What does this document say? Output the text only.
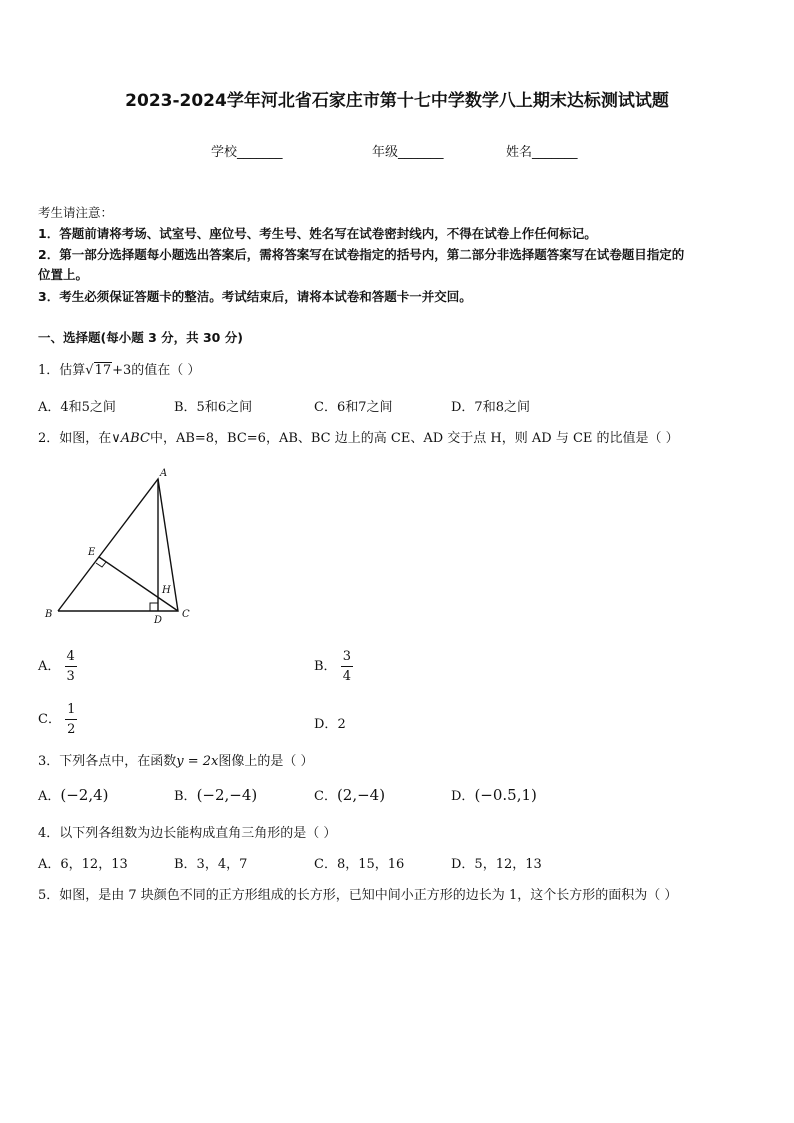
2023-2024学年河北省石家庄市第十七中学数学八上期末达标测试试题
学校_______	年级_______	姓名_______
考生请注意：
1．答题前请将考场、试室号、座位号、考生号、姓名写在试卷密封线内，不得在试卷上作任何标记。
2．第一部分选择题每小题选出答案后，需将答案写在试卷指定的括号内，第二部分非选择题答案写在试卷题目指定的
位置上。
3．考生必须保证答题卡的整洁。考试结束后，请将本试卷和答题卡一并交回。
一、选择题(每小题 3 分，共 30 分)
1．估算√17+3的值在（ ）
A．4和5之间	B．5和6之间	C．6和7之间	D．7和8之间
2．如图，在∨ABC中，AB=8，BC=6，AB、BC 边上的高 CE、AD 交于点 H，则 AD 与 CE 的比值是（ ）
A
B	C
D
E
H
A． $\frac{4}{3}$	B． $\frac{3}{4}$
C． $\frac{1}{2}$	D．2
3．下列各点中，在函数y = 2x图像上的是（ ）
A．(−2,4)	B．(−2,−4)	C．(2,−4)	D．(−0.5,1)
4．以下列各组数为边长能构成直角三角形的是（ ）
A．6，12，13	B．3，4，7	C．8，15，16	D．5，12，13
5．如图，是由 7 块颜色不同的正方形组成的长方形，已知中间小正方形的边长为 1，这个长方形的面积为（ ）
